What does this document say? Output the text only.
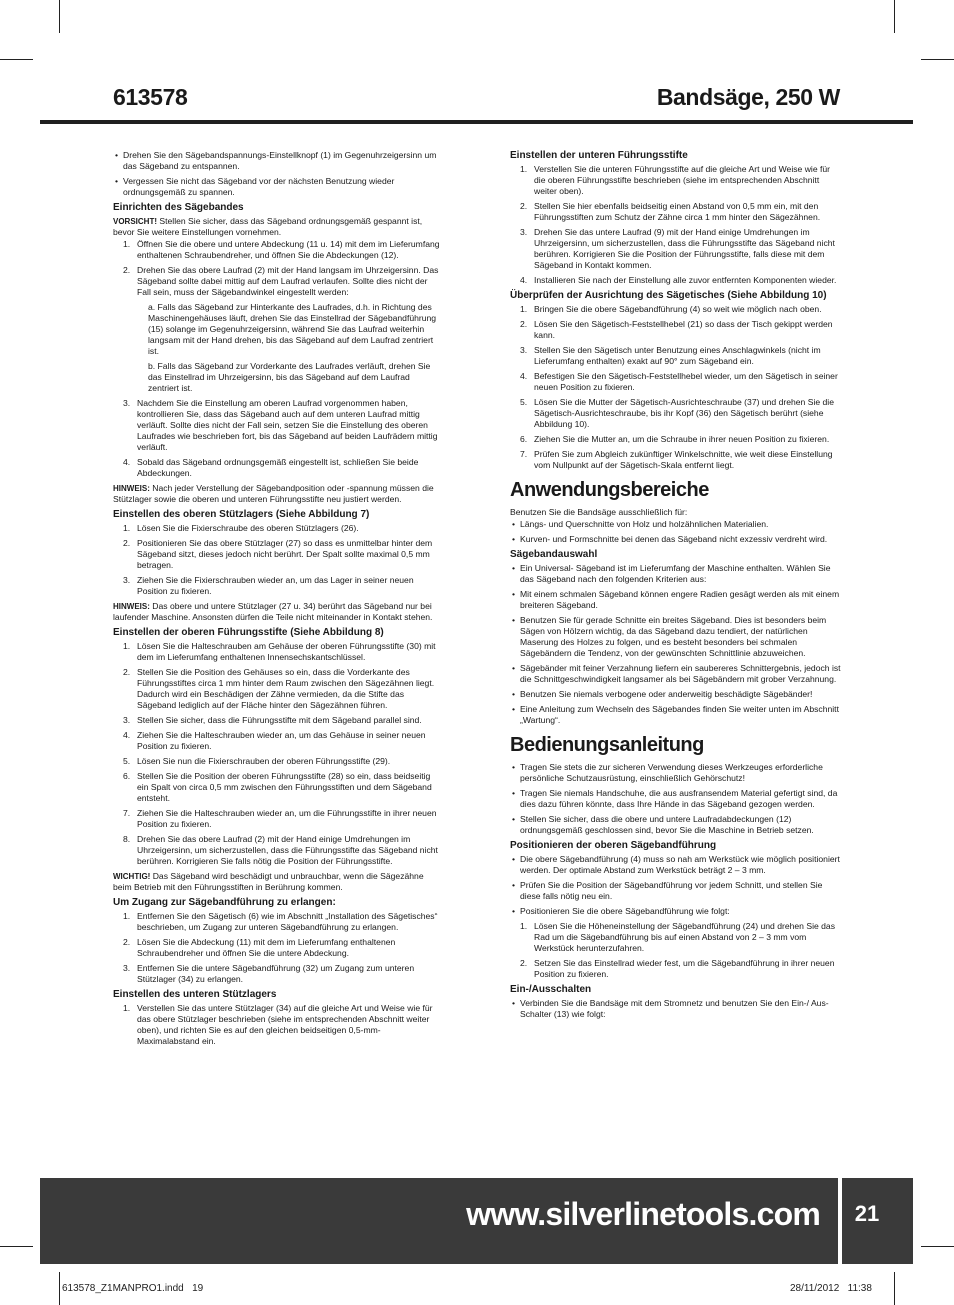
613578	Bandsäge, 250 W
• Drehen Sie den Sägebandspannungs-Einstellknopf (1) im Gegenuhrzeigersinn um das Sägeband zu entspannen.
• Vergessen Sie nicht das Sägeband vor der nächsten Benutzung wieder ordnungsgemäß zu spannen.
Einrichten des Sägebandes
VORSICHT! Stellen Sie sicher, dass das Sägeband ordnungsgemäß gespannt ist, bevor Sie weitere Einstellungen vornehmen.
1. Öffnen Sie die obere und untere Abdeckung (11 u. 14) mit dem im Lieferumfang enthaltenen Schraubendreher, und öffnen Sie die Abdeckungen (12).
2. Drehen Sie das obere Laufrad (2) mit der Hand langsam im Uhrzeigersinn. Das Sägeband sollte dabei mittig auf dem Laufrad verlaufen. Sollte dies nicht der Fall sein, muss der Sägebandwinkel eingestellt werden:
a. Falls das Sägeband zur Hinterkante des Laufrades, d.h. in Richtung des Maschinengehäuses läuft, drehen Sie das Einstellrad der Sägebandführung (15) solange im Gegenuhrzeigersinn, während Sie das Laufrad weiterhin langsam mit der Hand drehen, bis das Sägeband auf dem Laufrad zentriert ist.
b. Falls das Sägeband zur Vorderkante des Laufrades verläuft, drehen Sie das Einstellrad im Uhrzeigersinn, bis das Sägeband auf dem Laufrad zentriert ist.
3. Nachdem Sie die Einstellung am oberen Laufrad vorgenommen haben, kontrollieren Sie, dass das Sägeband auch auf dem unteren Laufrad mittig verläuft. Sollte dies nicht der Fall sein, setzen Sie die Einstellung des oberen Laufrades wie beschrieben fort, bis das Sägeband auf beiden Laufrädern mittig verläuft.
4. Sobald das Sägeband ordnungsgemäß eingestellt ist, schließen Sie beide Abdeckungen.
HINWEIS: Nach jeder Verstellung der Sägebandposition oder -spannung müssen die Stützlager sowie die oberen und unteren Führungsstifte neu justiert werden.
Einstellen des oberen Stützlagers (Siehe Abbildung 7)
1. Lösen Sie die Fixierschraube des oberen Stützlagers (26).
2. Positionieren Sie das obere Stützlager (27) so dass es unmittelbar hinter dem Sägeband sitzt, dieses jedoch nicht berührt. Der Spalt sollte maximal 0,5 mm betragen.
3. Ziehen Sie die Fixierschrauben wieder an, um das Lager in seiner neuen Position zu fixieren.
HINWEIS: Das obere und untere Stützlager (27 u. 34) berührt das Sägeband nur bei laufender Maschine. Ansonsten dürfen die Teile nicht miteinander in Kontakt stehen.
Einstellen der oberen Führungsstifte (Siehe Abbildung 8)
1. Lösen Sie die Halteschrauben am Gehäuse der oberen Führungsstifte (30) mit dem im Lieferumfang enthaltenen Innensechskantschlüssel.
2. Stellen Sie die Position des Gehäuses so ein, dass die Vorderkante des Führungsstiftes circa 1 mm hinter dem Raum zwischen den Sägezähnen liegt. Dadurch wird ein Beschädigen der Zähne vermieden, da die Stifte das Sägeband lediglich auf der Fläche hinter den Sägezähnen führen.
3. Stellen Sie sicher, dass die Führungsstifte mit dem Sägeband parallel sind.
4. Ziehen Sie die Halteschrauben wieder an, um das Gehäuse in seiner neuen Position zu fixieren.
5. Lösen Sie nun die Fixierschrauben der oberen Führungsstifte (29).
6. Stellen Sie die Position der oberen Führungsstifte (28) so ein, dass beidseitig ein Spalt von circa 0,5 mm zwischen den Führungsstiften und dem Sägeband entsteht.
7. Ziehen Sie die Halteschrauben wieder an, um die Führungsstifte in ihrer neuen Position zu fixieren.
8. Drehen Sie das obere Laufrad (2) mit der Hand einige Umdrehungen im Uhrzeigersinn, um sicherzustellen, dass die Führungsstifte das Sägeband nicht berühren. Korrigieren Sie falls nötig die Position der Führungsstifte.
WICHTIG! Das Sägeband wird beschädigt und unbrauchbar, wenn die Sägezähne beim Betrieb mit den Führungsstiften in Berührung kommen.
Um Zugang zur Sägebandführung zu erlangen:
1. Entfernen Sie den Sägetisch (6) wie im Abschnitt „Installation des Sägetisches“ beschrieben, um Zugang zur unteren Sägebandführung zu erlangen.
2. Lösen Sie die Abdeckung (11) mit dem im Lieferumfang enthaltenen Schraubendreher und öffnen Sie die untere Abdeckung.
3. Entfernen Sie die untere Sägebandführung (32) um Zugang zum unteren Stützlager (34) zu erlangen.
Einstellen des unteren Stützlagers
1. Verstellen Sie das untere Stützlager (34) auf die gleiche Art und Weise wie für das obere Stützlager beschrieben (siehe im entsprechenden Abschnitt weiter oben), und richten Sie es auf den gleichen beidseitigen 0,5-mm-Maximalabstand ein.
Einstellen der unteren Führungsstifte
1. Verstellen Sie die unteren Führungsstifte auf die gleiche Art und Weise wie für die oberen Führungsstifte beschrieben (siehe im entsprechenden Abschnitt weiter oben).
2. Stellen Sie hier ebenfalls beidseitig einen Abstand von 0,5 mm ein, mit den Führungsstiften zum Schutz der Zähne circa 1 mm hinter den Sägezähnen.
3. Drehen Sie das untere Laufrad (9) mit der Hand einige Umdrehungen im Uhrzeigersinn, um sicherzustellen, dass die Führungsstifte das Sägeband nicht berühren. Korrigieren Sie die Position der Führungsstifte, falls diese mit dem Sägeband in Kontakt kommen.
4. Installieren Sie nach der Einstellung alle zuvor entfernten Komponenten wieder.
Überprüfen der Ausrichtung des Sägetisches (Siehe Abbildung 10)
1. Bringen Sie die obere Sägebandführung (4) so weit wie möglich nach oben.
2. Lösen Sie den Sägetisch-Feststellhebel (21) so dass der Tisch gekippt werden kann.
3. Stellen Sie den Sägetisch unter Benutzung eines Anschlagwinkels (nicht im Lieferumfang enthalten) exakt auf 90° zum Sägeband ein.
4. Befestigen Sie den Sägetisch-Feststellhebel wieder, um den Sägetisch in seiner neuen Position zu fixieren.
5. Lösen Sie die Mutter der Sägetisch-Ausrichteschraube (37) und drehen Sie die Sägetisch-Ausrichteschraube, bis ihr Kopf (36) den Sägetisch berührt (siehe Abbildung 10).
6. Ziehen Sie die Mutter an, um die Schraube in ihrer neuen Position zu fixieren.
7. Prüfen Sie zum Abgleich zukünftiger Winkelschnitte, wie weit diese Einstellung vom Nullpunkt auf der Sägetisch-Skala entfernt liegt.
Anwendungsbereiche
Benutzen Sie die Bandsäge ausschließlich für:
• Längs- und Querschnitte von Holz und holzähnlichen Materialien.
• Kurven- und Formschnitte bei denen das Sägeband nicht exzessiv verdreht wird.
Sägebandauswahl
• Ein Universal- Sägeband ist im Lieferumfang der Maschine enthalten. Wählen Sie das Sägeband nach den folgenden Kriterien aus:
• Mit einem schmalen Sägeband können engere Radien gesägt werden als mit einem breiteren Sägeband.
• Benutzen Sie für gerade Schnitte ein breites Sägeband. Dies ist besonders beim Sägen von Hölzern wichtig, da das Sägeband dazu tendiert, der natürlichen Maserung des Holzes zu folgen, und es besteht besonders bei schmalen Sägebändern die Tendenz, von der gewünschten Schnittlinie abzuweichen.
• Sägebänder mit feiner Verzahnung liefern ein saubereres Schnittergebnis, jedoch ist die Schnittgeschwindigkeit langsamer als bei Sägebändern mit grober Verzahnung.
• Benutzen Sie niemals verbogene oder anderweitig beschädigte Sägebänder!
• Eine Anleitung zum Wechseln des Sägebandes finden Sie weiter unten im Abschnitt „Wartung“.
Bedienungsanleitung
• Tragen Sie stets die zur sicheren Verwendung dieses Werkzeuges erforderliche persönliche Schutzausrüstung, einschließlich Gehörschutz!
• Tragen Sie niemals Handschuhe, die aus ausfransendem Material gefertigt sind, da dies dazu führen könnte, dass Ihre Hände in das Sägeband gezogen werden.
• Stellen Sie sicher, dass die obere und untere Laufradabdeckungen (12) ordnungsgemäß geschlossen sind, bevor Sie die Maschine in Betrieb setzen.
Positionieren der oberen Sägebandführung
• Die obere Sägebandführung (4) muss so nah am Werkstück wie möglich positioniert werden. Der optimale Abstand zum Werkstück beträgt 2 – 3 mm.
• Prüfen Sie die Position der Sägebandführung vor jedem Schnitt, und stellen Sie diese falls nötig neu ein.
• Positionieren Sie die obere Sägebandführung wie folgt:
1. Lösen Sie die Höheneinstellung der Sägebandführung (24) und drehen Sie das Rad um die Sägebandführung bis auf einen Abstand von 2 – 3 mm vom Werkstück herunterzufahren.
2. Setzen Sie das Einstellrad wieder fest, um die Sägebandführung in ihrer neuen Position zu fixieren.
Ein-/Ausschalten
• Verbinden Sie die Bandsäge mit dem Stromnetz und benutzen Sie den Ein-/ Aus-Schalter (13) wie folgt:
www.silverlinetools.com	21
613578_Z1MANPRO1.indd   19	28/11/2012   11:38
